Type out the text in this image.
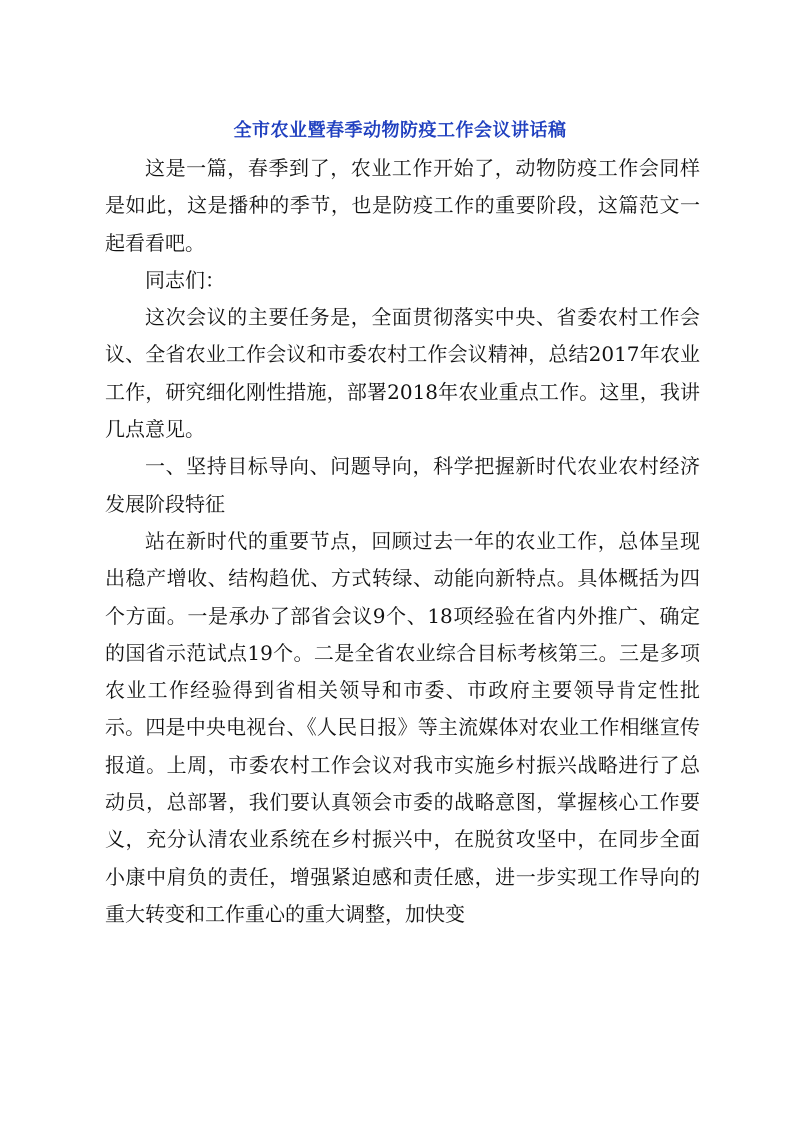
全市农业暨春季动物防疫工作会议讲话稿

这是一篇，春季到了，农业工作开始了，动物防疫工作会同样是如此，这是播种的季节，也是防疫工作的重要阶段，这篇范文一起看看吧。

同志们：

这次会议的主要任务是，全面贯彻落实中央、省委农村工作会议、全省农业工作会议和市委农村工作会议精神，总结2017年农业工作，研究细化刚性措施，部署2018年农业重点工作。这里，我讲几点意见。

一、坚持目标导向、问题导向，科学把握新时代农业农村经济发展阶段特征

站在新时代的重要节点，回顾过去一年的农业工作，总体呈现出稳产增收、结构趋优、方式转绿、动能向新特点。具体概括为四个方面。一是承办了部省会议9个、18项经验在省内外推广、确定的国省示范试点19个。二是全省农业综合目标考核第三。三是多项农业工作经验得到省相关领导和市委、市政府主要领导肯定性批示。四是中央电视台、《人民日报》等主流媒体对农业工作相继宣传报道。上周，市委农村工作会议对我市实施乡村振兴战略进行了总动员，总部署，我们要认真领会市委的战略意图，掌握核心工作要义，充分认清农业系统在乡村振兴中，在脱贫攻坚中，在同步全面小康中肩负的责任，增强紧迫感和责任感，进一步实现工作导向的重大转变和工作重心的重大调整，加快变
